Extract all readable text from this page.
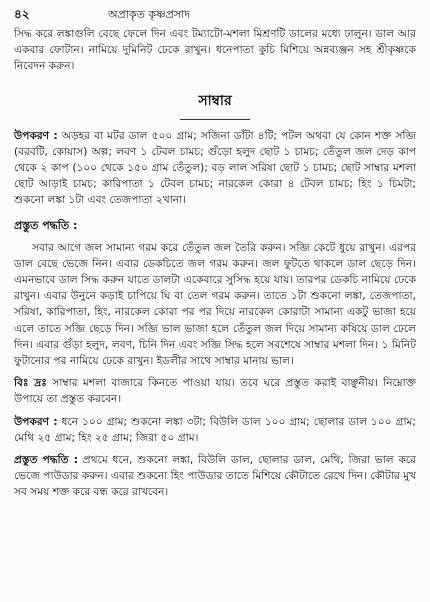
৪২	অপ্রাকৃত কৃষ্ণপ্রসাদ

সিদ্ধ করে লঙ্কাগুলি বেছে ফেলে দিন এবং টম্যাটো-মশলা মিশ্রণটি ডালের মধ্যে ঢালুন। ডাল আর একবার ফোটান। নামিয়ে দুমিনিট ঢেকে রাখুন। ধনেপাতা কুচি মিশিয়ে অন্নব্যঞ্জন সহ শ্রীকৃষ্ণকে নিবেদন করুন।

সাম্বার

উপকরণ : অড়হর বা মটর ডাল ৫০০ গ্রাম; সজিনা ডাঁটা ৪টি; পটল অথবা যে কোন শক্ত সব্জি (বরবটি, কোয়াস) অল্প; লবণ ১ টেবল চামচ; গুঁড়ো হলুদ ছোট ১ চামচ; তেঁতুল জল দেড় কাপ থেকে ২ কাপ (১০০ থেকে ১৫০ গ্রাম তেঁতুল); বড় লাল সরিষা ছোট ১ চামচ; ছোট সাম্বার মশলা ছোট আড়াই চামচ; কারিপাতা ১ টেবল চামচ; নারকেল কোরা ৪ টেবল চামচ; হিং ১ চিমটা; শুকনো লঙ্কা ১টা এবং তেজপাতা ২খানা।

প্রস্তুত পদ্ধতি :

সবার আগে জল সামান্য গরম করে তেঁতুল জল তৈরি করুন। সব্জি কেটে ধুয়ে রাখুন। এরপর ডাল বেছে ভেজে নিন। এবার ডেকচিতে জল গরম করুন। জল ফুটতে থাকলে ডাল ছেড়ে দিন। এমনভাবে ডাল সিদ্ধ করুন যাতে ডালটা একেবারে সুসিদ্ধ হয়ে যায়। তারপর ডেকচি নামিয়ে ঢেকে রাখুন। এবার উনুনে কড়াই চাপিয়ে ঘি বা তেল গরম করুন। তাতে ১টা শুকনো লঙ্কা, তেজপাতা, সরিষা, কারিপাতা, হিং, নারকেল কোরা পর পর দিয়ে নারকেল কোরাটা সামান্য একটু ভাজা হয়ে এলে তাতে সব্জি ছেড়ে দিন। সব্জি ভাল ভাজা হলে তেঁতুল জল দিয়ে সামান্য কষিয়ে ডাল ঢেলে দিন। এবার গুঁড়া হলুদ, লবণ, চিনি দিন এবং সব্জি সিদ্ধ হলে সবশেষে সাম্বার মশলা দিন। ১ মিনিট ফুটানোর পর নামিয়ে ঢেকে রাখুন। ইডলীর সাথে সাম্বার মানায় ভাল।

বিঃ দ্রঃ সাম্বার মশলা বাজারে কিনতে পাওয়া যায়। তবে ঘরে প্রস্তুত করাই বাঞ্ছনীয়। নিম্নোক্ত উপায়ে তা প্রস্তুত করবেন।

উপকরণ : ধনে ১০০ গ্রাম; শুকনো লঙ্কা ৩টা; বিউলি ডাল ১০০ গ্রাম; ছোলার ডাল ১০০ গ্রাম; মেথি ২৫ গ্রাম; হিং ২৫ গ্রাম; জিরা ৫০ গ্রাম।

প্রস্তুত পদ্ধতি : প্রথমে ধনে, শুকনো লঙ্কা, বিউলি ডাল, ছোলার ডাল, মেথি, জিরা ভাল করে ভেজে পাউডার করুন। এবার শুকনো হিং পাউডার তাতে মিশিয়ে কৌটাতে রেখে দিন। কৌটার মুখ সব সময় শক্ত করে বন্ধ করে রাখবেন।
